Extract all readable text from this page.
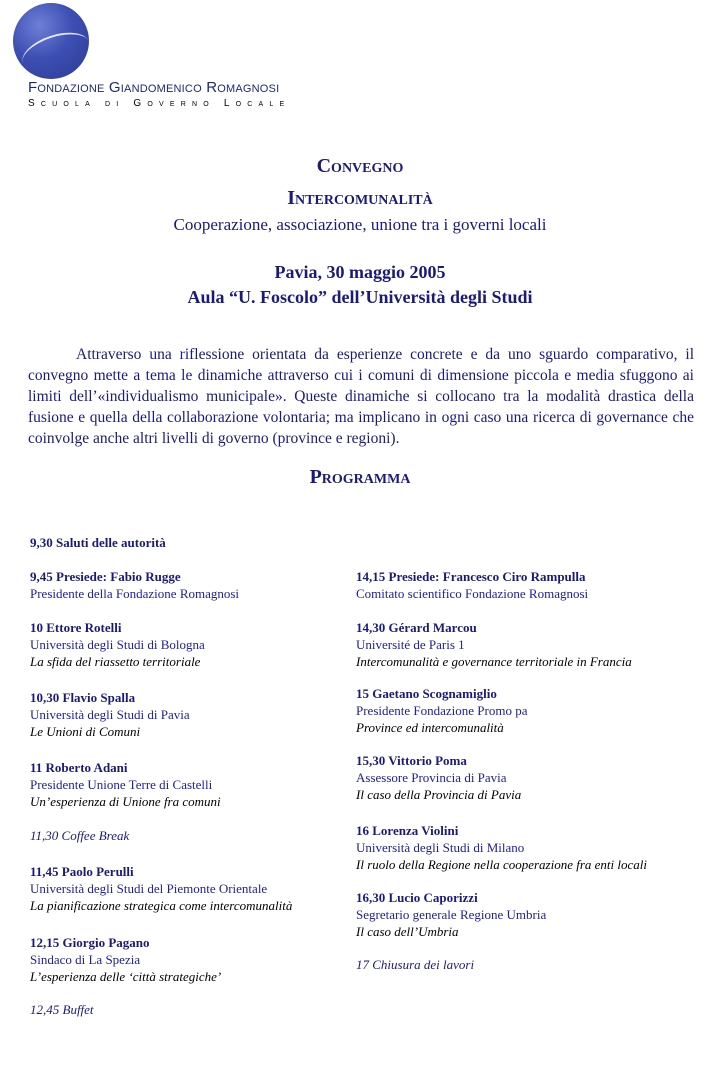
Fondazione Giandomenico Romagnosi
Scuola di Governo Locale
Convegno
Intercomunalità
Cooperazione, associazione, unione tra i governi locali
Pavia, 30 maggio 2005
Aula “U. Foscolo” dell’Università degli Studi
Attraverso una riflessione orientata da esperienze concrete e da uno sguardo comparativo, il convegno mette a tema le dinamiche attraverso cui i comuni di dimensione piccola e media sfuggono ai limiti dell’«individualismo municipale». Queste dinamiche si collocano tra la modalità drastica della fusione e quella della collaborazione volontaria; ma implicano in ogni caso una ricerca di governance che coinvolge anche altri livelli di governo (province e regioni).
Programma
9,30 Saluti delle autorità
9,45 Presiede: Fabio Rugge
Presidente della Fondazione Romagnosi
10 Ettore Rotelli
Università degli Studi di Bologna
La sfida del riassetto territoriale
10,30 Flavio Spalla
Università degli Studi di Pavia
Le Unioni di Comuni
11 Roberto Adani
Presidente Unione Terre di Castelli
Un’esperienza di Unione fra comuni
11,30 Coffee Break
11,45 Paolo Perulli
Università degli Studi del Piemonte Orientale
La pianificazione strategica come intercomunalità
12,15 Giorgio Pagano
Sindaco di La Spezia
L’esperienza delle ‘città strategiche’
12,45 Buffet
14,15 Presiede: Francesco Ciro Rampulla
Comitato scientifico Fondazione Romagnosi
14,30 Gérard Marcou
Université de Paris 1
Intercomunalità e governance territoriale in Francia
15 Gaetano Scognamiglio
Presidente Fondazione Promo pa
Province ed intercomunalità
15,30 Vittorio Poma
Assessore Provincia di Pavia
Il caso della Provincia di Pavia
16 Lorenza Violini
Università degli Studi di Milano
Il ruolo della Regione nella cooperazione fra enti locali
16,30 Lucio Caporizzi
Segretario generale Regione Umbria
Il caso dell’Umbria
17 Chiusura dei lavori
